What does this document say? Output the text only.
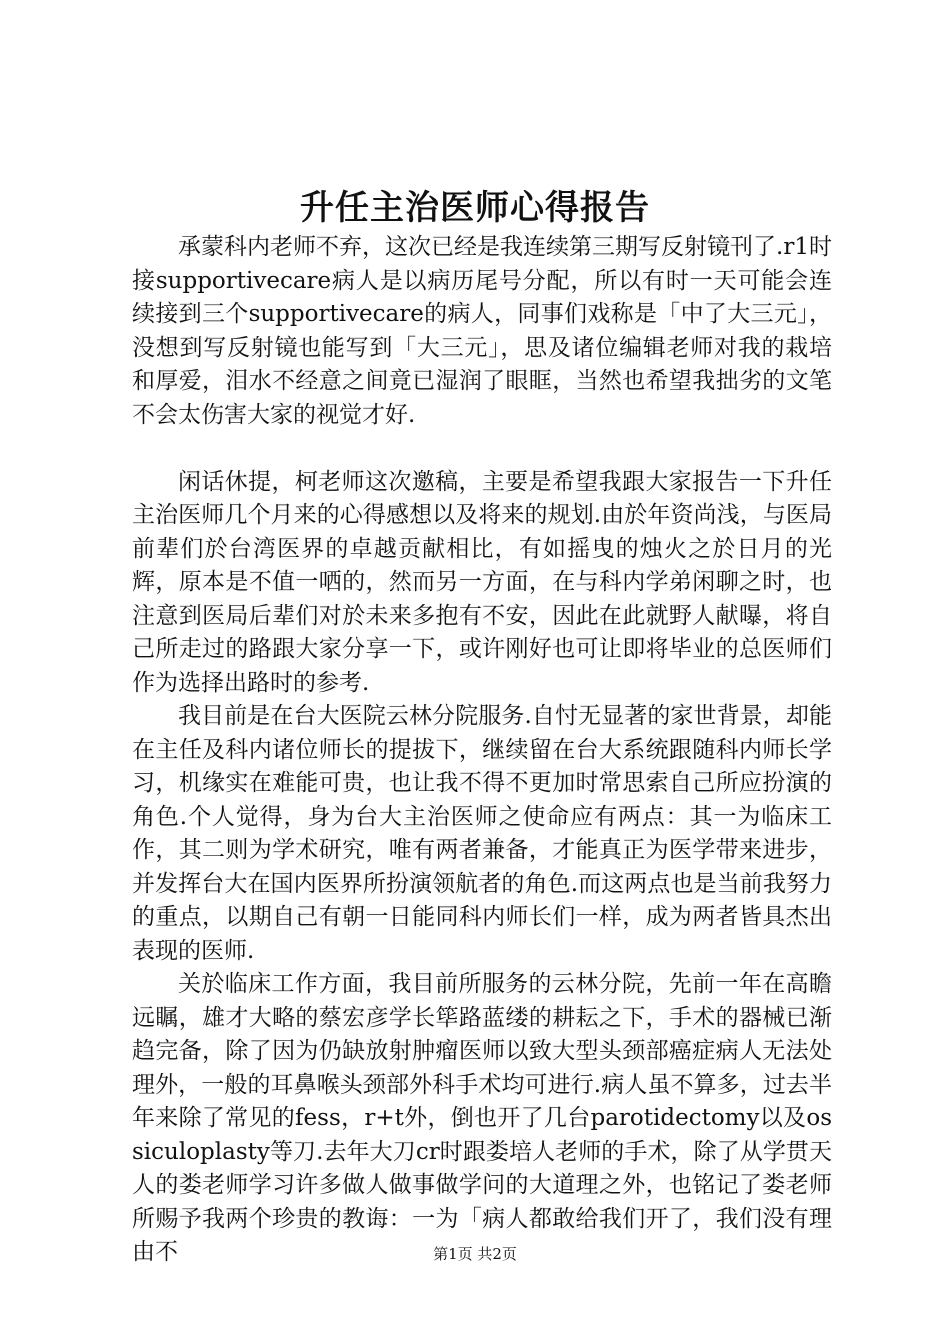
升任主治医师心得报告

承蒙科内老师不弃，这次已经是我连续第三期写反射镜刊了.r1时接supportivecare病人是以病历尾号分配，所以有时一天可能会连续接到三个supportivecare的病人，同事们戏称是「中了大三元」，没想到写反射镜也能写到「大三元」，思及诸位编辑老师对我的栽培和厚爱，泪水不经意之间竟已湿润了眼眶，当然也希望我拙劣的文笔不会太伤害大家的视觉才好.

闲话休提，柯老师这次邀稿，主要是希望我跟大家报告一下升任主治医师几个月来的心得感想以及将来的规划.由於年资尚浅，与医局前辈们於台湾医界的卓越贡献相比，有如摇曳的烛火之於日月的光辉，原本是不值一哂的，然而另一方面，在与科内学弟闲聊之时，也注意到医局后辈们对於未来多抱有不安，因此在此就野人献曝，将自己所走过的路跟大家分享一下，或许刚好也可让即将毕业的总医师们作为选择出路时的参考.

我目前是在台大医院云林分院服务.自忖无显著的家世背景，却能在主任及科内诸位师长的提拔下，继续留在台大系统跟随科内师长学习，机缘实在难能可贵，也让我不得不更加时常思索自己所应扮演的角色.个人觉得，身为台大主治医师之使命应有两点：其一为临床工作，其二则为学术研究，唯有两者兼备，才能真正为医学带来进步，并发挥台大在国内医界所扮演领航者的角色.而这两点也是当前我努力的重点，以期自己有朝一日能同科内师长们一样，成为两者皆具杰出表现的医师.

关於临床工作方面，我目前所服务的云林分院，先前一年在高瞻远瞩，雄才大略的蔡宏彦学长筚路蓝缕的耕耘之下，手术的器械已渐趋完备，除了因为仍缺放射肿瘤医师以致大型头颈部癌症病人无法处理外，一般的耳鼻喉头颈部外科手术均可进行.病人虽不算多，过去半年来除了常见的fess，r+t外，倒也开了几台parotidectomy以及ossiculoplasty等刀.去年大刀cr时跟娄培人老师的手术，除了从学贯天人的娄老师学习许多做人做事做学问的大道理之外，也铭记了娄老师所赐予我两个珍贵的教诲：一为「病人都敢给我们开了，我们没有理由不	第1页 共2页
